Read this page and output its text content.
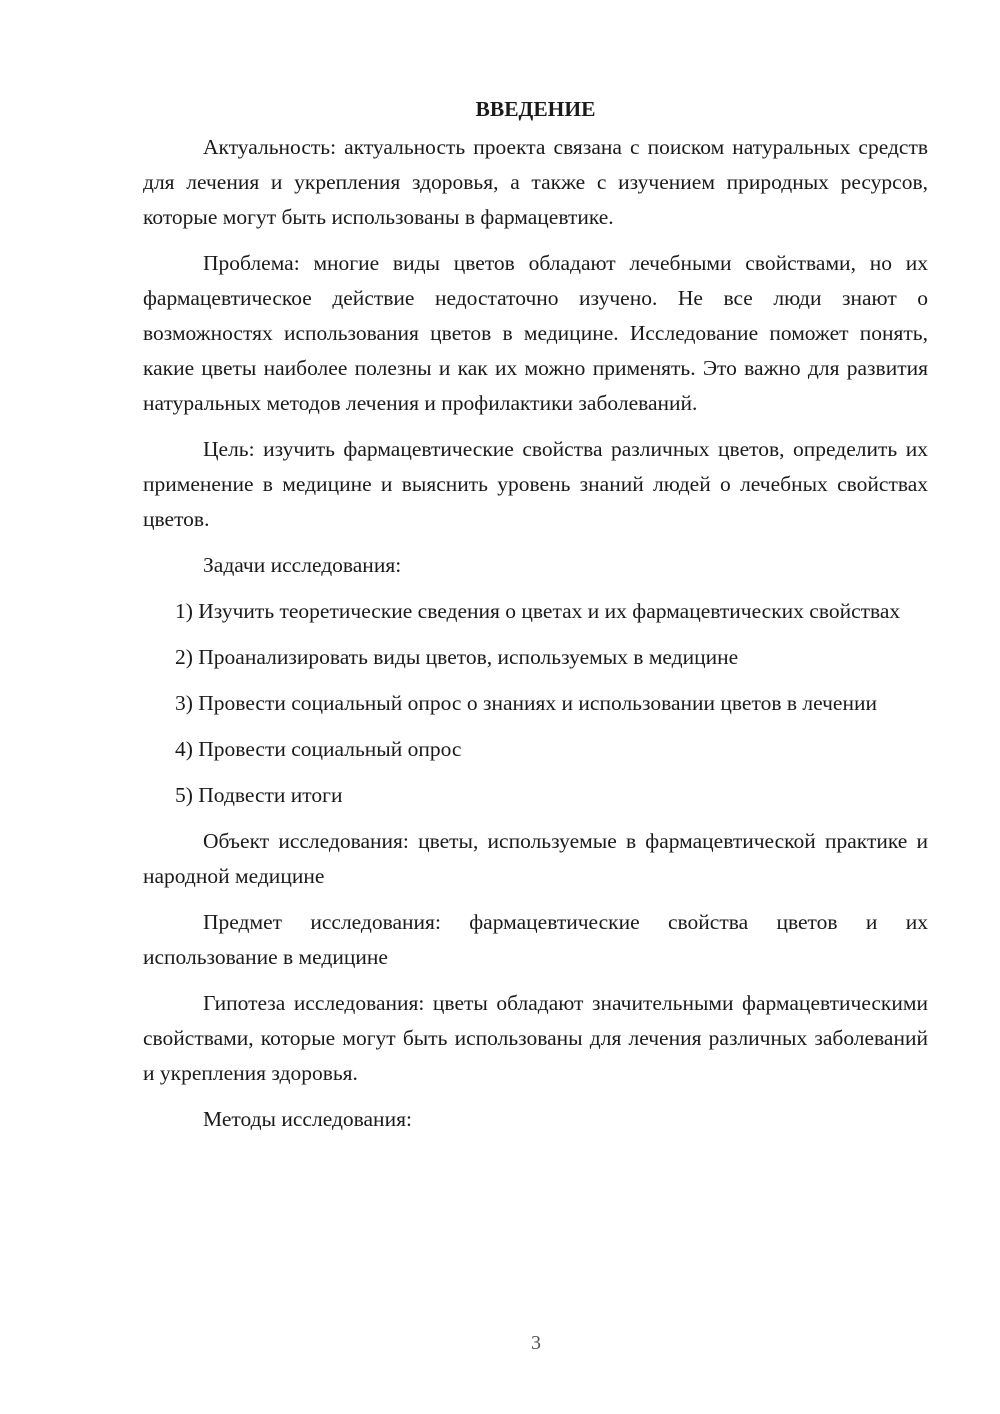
ВВЕДЕНИЕ

Актуальность: актуальность проекта связана с поиском натуральных средств для лечения и укрепления здоровья, а также с изучением природных ресурсов, которые могут быть использованы в фармацевтике.

Проблема: многие виды цветов обладают лечебными свойствами, но их фармацевтическое действие недостаточно изучено. Не все люди знают о возможностях использования цветов в медицине. Исследование поможет понять, какие цветы наиболее полезны и как их можно применять. Это важно для развития натуральных методов лечения и профилактики заболеваний.

Цель: изучить фармацевтические свойства различных цветов, определить их применение в медицине и выяснить уровень знаний людей о лечебных свойствах цветов.

Задачи исследования:

1) Изучить теоретические сведения о цветах и их фармацевтических свойствах

2) Проанализировать виды цветов, используемых в медицине

3) Провести социальный опрос о знаниях и использовании цветов в лечении

4) Провести социальный опрос

5) Подвести итоги

Объект исследования: цветы, используемые в фармацевтической практике и народной медицине

Предмет исследования: фармацевтические свойства цветов и их использование в медицине

Гипотеза исследования: цветы обладают значительными фармацевтическими свойствами, которые могут быть использованы для лечения различных заболеваний и укрепления здоровья.

Методы исследования:

3
